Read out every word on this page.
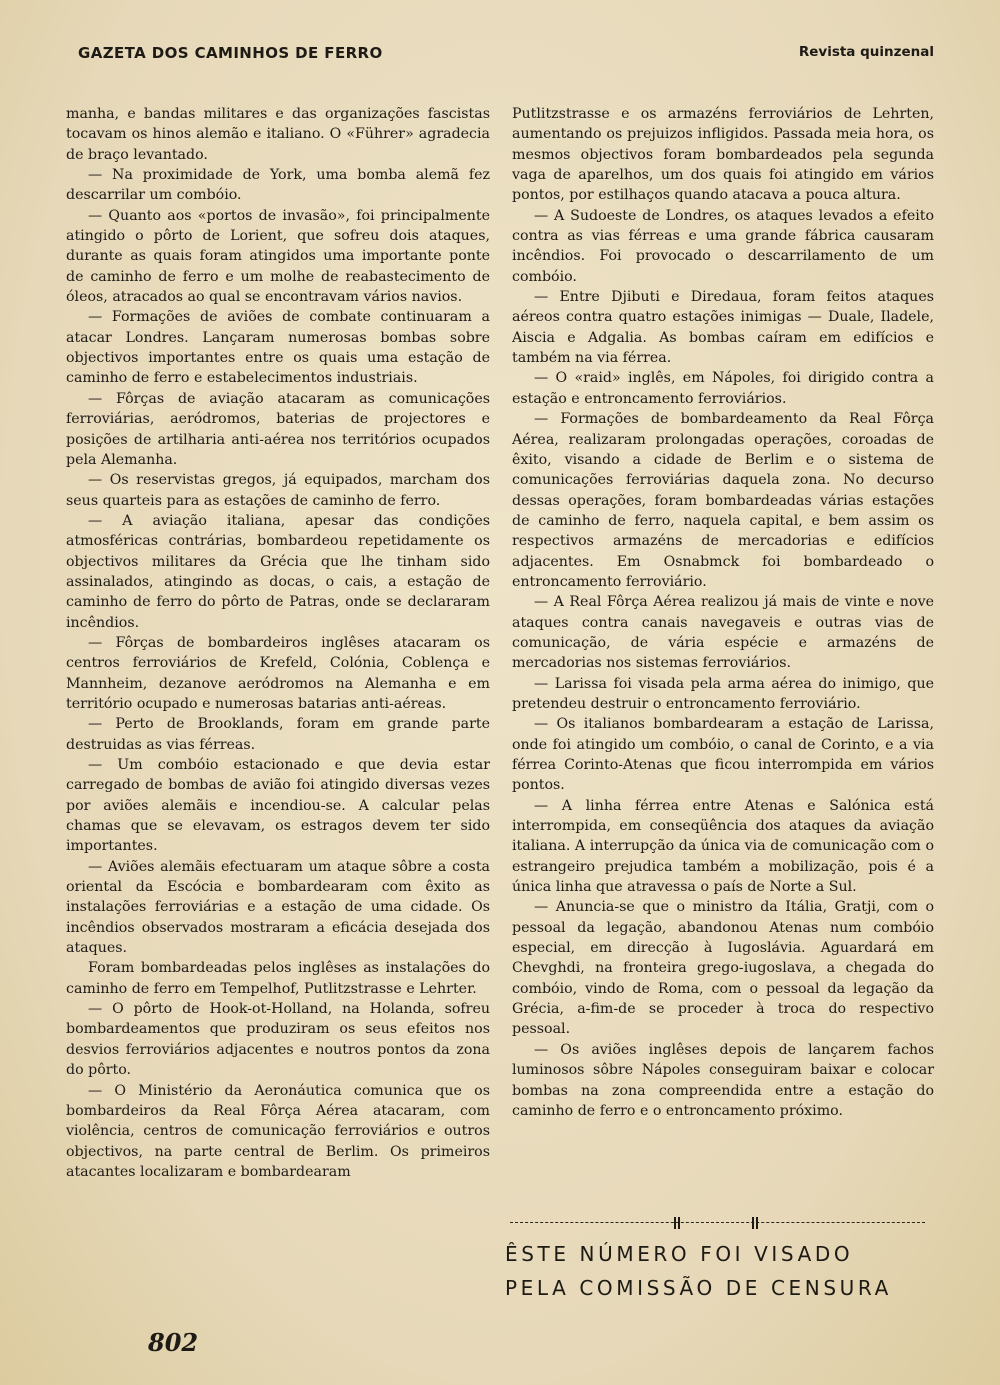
GAZETA DOS CAMINHOS DE FERRO	Revista quinzenal

manha, e bandas militares e das organizações fascistas tocavam os hinos alemão e italiano. O «Führer» agradecia de braço levantado.

— Na proximidade de York, uma bomba alemã fez descarrilar um combóio.

— Quanto aos «portos de invasão», foi principalmente atingido o pôrto de Lorient, que sofreu dois ataques, durante as quais foram atingidos uma importante ponte de caminho de ferro e um molhe de reabastecimento de óleos, atracados ao qual se encontravam vários navios.

— Formações de aviões de combate continuaram a atacar Londres. Lançaram numerosas bombas sobre objectivos importantes entre os quais uma estação de caminho de ferro e estabelecimentos industriais.

— Fôrças de aviação atacaram as comunicações ferroviárias, aeródromos, baterias de projectores e posições de artilharia anti-aérea nos territórios ocupados pela Alemanha.

— Os reservistas gregos, já equipados, marcham dos seus quarteis para as estações de caminho de ferro.

— A aviação italiana, apesar das condições atmosféricas contrárias, bombardeou repetidamente os objectivos militares da Grécia que lhe tinham sido assinalados, atingindo as docas, o cais, a estação de caminho de ferro do pôrto de Patras, onde se declararam incêndios.

— Fôrças de bombardeiros inglêses atacaram os centros ferroviários de Krefeld, Colónia, Coblença e Mannheim, dezanove aeródromos na Alemanha e em território ocupado e numerosas batarias anti-aéreas.

— Perto de Brooklands, foram em grande parte destruidas as vias férreas.

— Um combóio estacionado e que devia estar carregado de bombas de avião foi atingido diversas vezes por aviões alemãis e incendiou-se. A calcular pelas chamas que se elevavam, os estragos devem ter sido importantes.

— Aviões alemãis efectuaram um ataque sôbre a costa oriental da Escócia e bombardearam com êxito as instalações ferroviárias e a estação de uma cidade. Os incêndios observados mostraram a eficácia desejada dos ataques.

Foram bombardeadas pelos inglêses as instalações do caminho de ferro em Tempelhof, Putlitzstrasse e Lehrter.

— O pôrto de Hook-ot-Holland, na Holanda, sofreu bombardeamentos que produziram os seus efeitos nos desvios ferroviários adjacentes e noutros pontos da zona do pôrto.

— O Ministério da Aeronáutica comunica que os bombardeiros da Real Fôrça Aérea atacaram, com violência, centros de comunicação ferroviários e outros objectivos, na parte central de Berlim. Os primeiros atacantes localizaram e bombardearam

Putlitzstrasse e os armazéns ferroviários de Lehrten, aumentando os prejuizos infligidos. Passada meia hora, os mesmos objectivos foram bombardeados pela segunda vaga de aparelhos, um dos quais foi atingido em vários pontos, por estilhaços quando atacava a pouca altura.

— A Sudoeste de Londres, os ataques levados a efeito contra as vias férreas e uma grande fábrica causaram incêndios. Foi provocado o descarrilamento de um combóio.

— Entre Djibuti e Diredaua, foram feitos ataques aéreos contra quatro estações inimigas — Duale, Iladele, Aiscia e Adgalia. As bombas caíram em edifícios e também na via férrea.

— O «raid» inglês, em Nápoles, foi dirigido contra a estação e entroncamento ferroviários.

— Formações de bombardeamento da Real Fôrça Aérea, realizaram prolongadas operações, coroadas de êxito, visando a cidade de Berlim e o sistema de comunicações ferroviárias daquela zona. No decurso dessas operações, foram bombardeadas várias estações de caminho de ferro, naquela capital, e bem assim os respectivos armazéns de mercadorias e edifícios adjacentes. Em Osnabmck foi bombardeado o entroncamento ferroviário.

— A Real Fôrça Aérea realizou já mais de vinte e nove ataques contra canais navegaveis e outras vias de comunicação, de vária espécie e armazéns de mercadorias nos sistemas ferroviários.

— Larissa foi visada pela arma aérea do inimigo, que pretendeu destruir o entroncamento ferroviário.

— Os italianos bombardearam a estação de Larissa, onde foi atingido um combóio, o canal de Corinto, e a via férrea Corinto-Atenas que ficou interrompida em vários pontos.

— A linha férrea entre Atenas e Salónica está interrompida, em conseqüência dos ataques da aviação italiana. A interrupção da única via de comunicação com o estrangeiro prejudica também a mobilização, pois é a única linha que atravessa o país de Norte a Sul.

— Anuncia-se que o ministro da Itália, Gratji, com o pessoal da legação, abandonou Atenas num combóio especial, em direcção à Iugoslávia. Aguardará em Chevghdi, na fronteira grego-iugoslava, a chegada do combóio, vindo de Roma, com o pessoal da legação da Grécia, a-fim-de se proceder à troca do respectivo pessoal.

— Os aviões inglêses depois de lançarem fachos luminosos sôbre Nápoles conseguiram baixar e colocar bombas na zona compreendida entre a estação do caminho de ferro e o entroncamento próximo.

ÊSTE NÚMERO FOI VISADO
PELA COMISSÃO DE CENSURA
802
